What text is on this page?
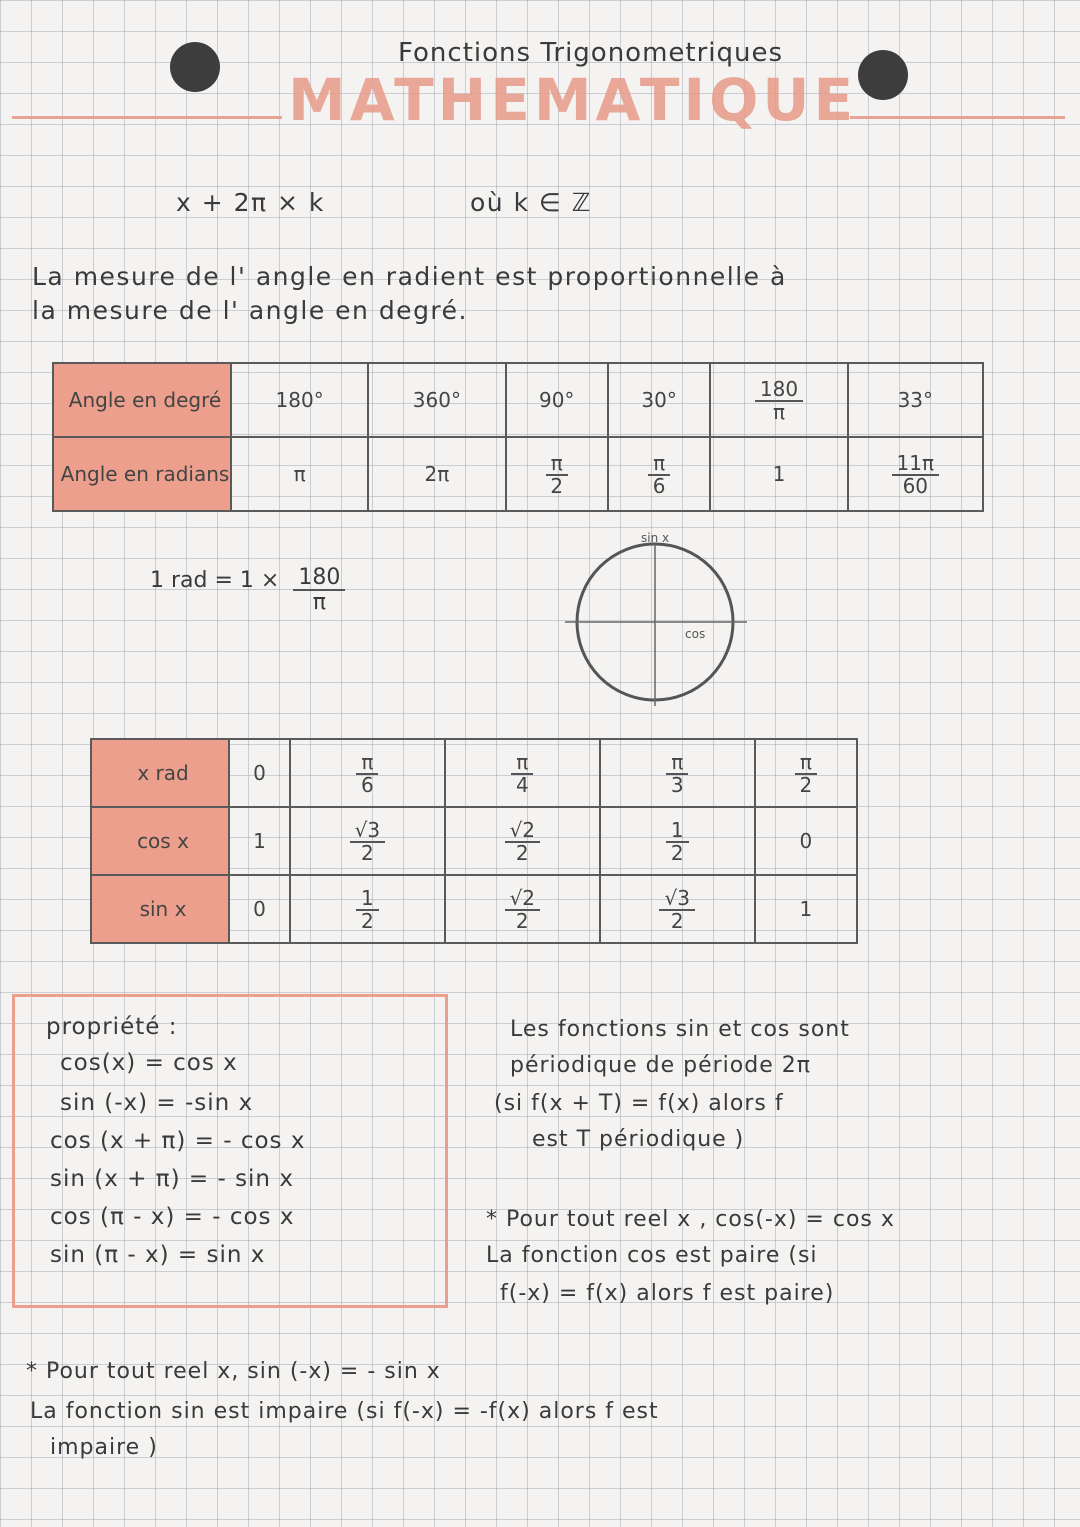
Fonctions Trigonometriques
MATHEMATIQUE
x + 2π × k	où k ∈ ℤ
La mesure de l' angle en radient est proportionnelle à
la mesure de l' angle en degré.
Angle en degré	180°	360°	90°	30°	$\frac{180}{\pi}$	33°
Angle en radians	π	2π	$\frac{\pi}{2}$	$\frac{\pi}{6}$	1	$\frac{11\pi}{60}$
1 rad = $1 \times \frac{180}{\pi}$
sin x
cos
x rad	0	$\frac{\pi}{6}$	$\frac{\pi}{4}$	$\frac{\pi}{3}$	$\frac{\pi}{2}$

cos x	1	$\frac{√3}{2}$	$\frac{√2}{2}$	$\frac{1}{2}$	0
sin x	0	$\frac{1}{2}$	$\frac{√2}{2}$	$\frac{√3}{2}$	1
propriété :
cos(x) = cos x
sin (-x) = -sin x
cos (x + π) = - cos x
sin (x + π) = - sin x
cos (π - x) = - cos x
sin (π - x) = sin x
Les fonctions sin et cos sont
périodique de période 2π
(si f(x + T) = f(x) alors f
est T périodique )
* Pour tout reel x , cos(-x) = cos x
La fonction cos est paire (si
f(-x) = f(x) alors f est paire)
* Pour tout reel x, sin (-x) = - sin x
La fonction sin est impaire (si f(-x) = -f(x) alors f est
impaire )
